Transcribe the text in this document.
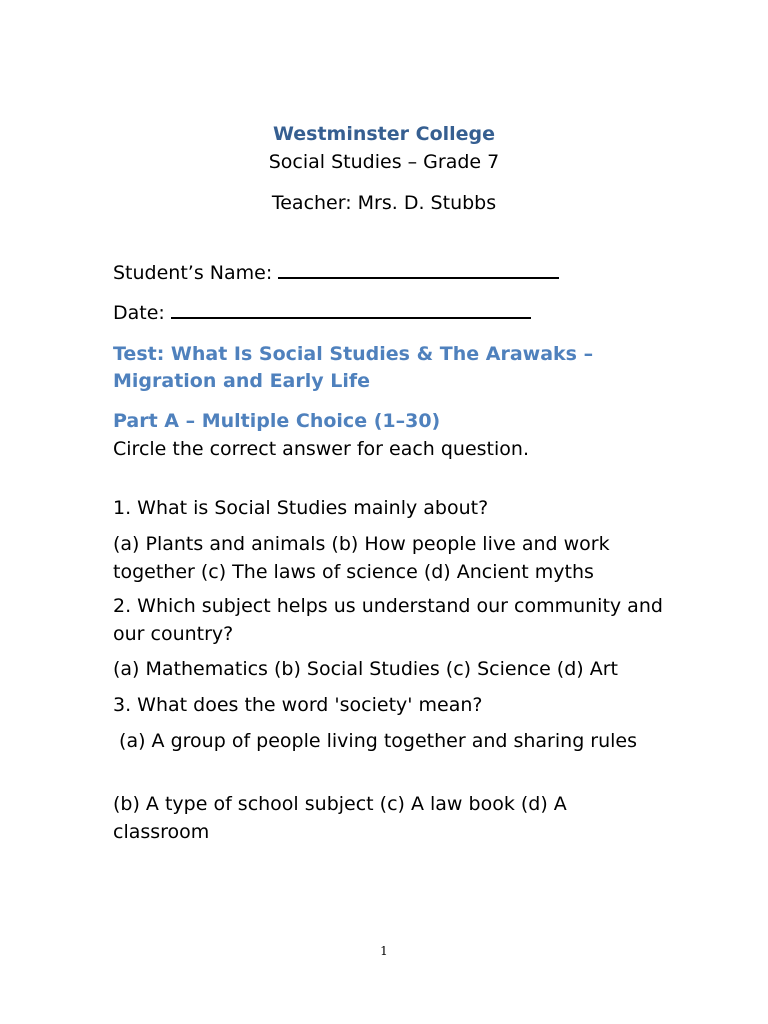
Westminster College

Social Studies – Grade 7

Teacher: Mrs. D. Stubbs

Student’s Name:
Date:

Test: What Is Social Studies & The Arawaks – Migration and Early Life

Part A – Multiple Choice (1–30)

Circle the correct answer for each question.

1. What is Social Studies mainly about?

(a) Plants and animals (b) How people live and work together (c) The laws of science (d) Ancient myths

2. Which subject helps us understand our community and our country?

(a) Mathematics (b) Social Studies (c) Science (d) Art

3. What does the word 'society' mean?

(a) A group of people living together and sharing rules

(b) A type of school subject (c) A law book (d) A classroom

1
